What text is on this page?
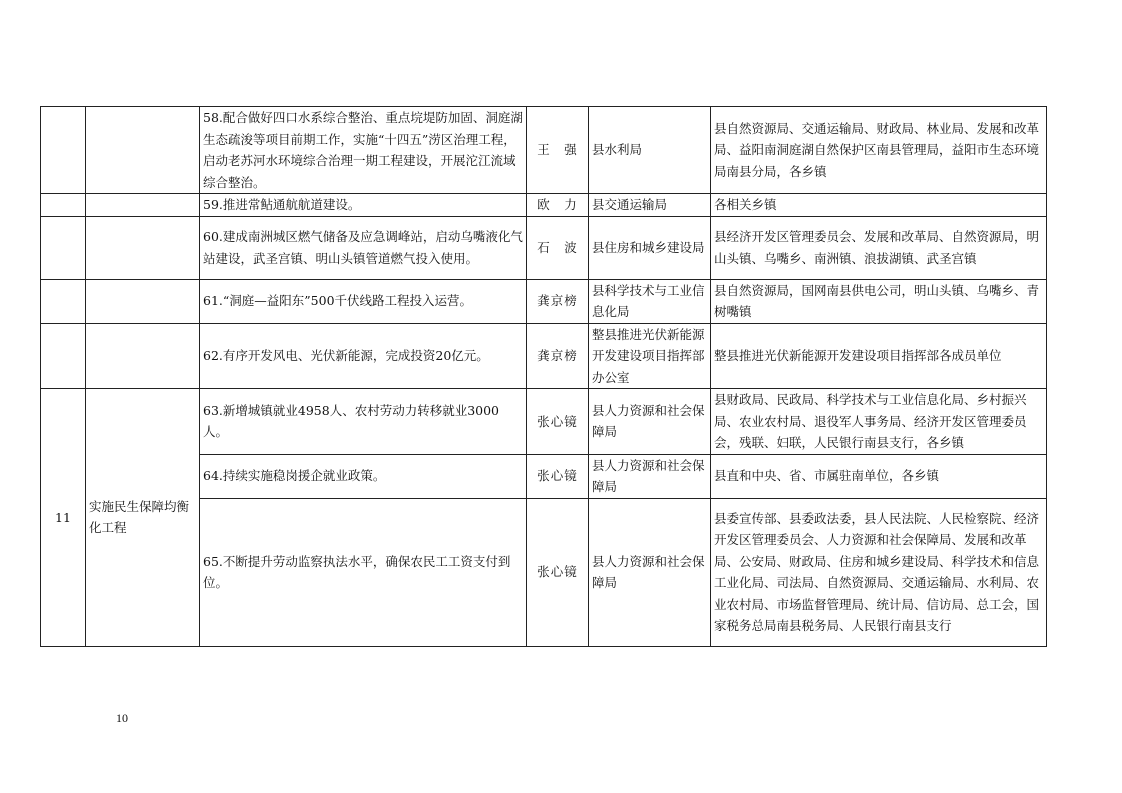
		58.配合做好四口水系综合整治、重点垸堤防加固、洞庭湖生态疏浚等项目前期工作，实施“十四五”涝区治理工程，启动老苏河水环境综合治理一期工程建设，开展沱江流域综合整治。	王　强	县水利局	县自然资源局、交通运输局、财政局、林业局、发展和改革局、益阳南洞庭湖自然保护区南县管理局，益阳市生态环境局南县分局，各乡镇
		59.推进常鲇通航航道建设。	欧　力	县交通运输局	各相关乡镇
		60.建成南洲城区燃气储备及应急调峰站，启动乌嘴液化气站建设，武圣宫镇、明山头镇管道燃气投入使用。	石　波	县住房和城乡建设局	县经济开发区管理委员会、发展和改革局、自然资源局，明山头镇、乌嘴乡、南洲镇、浪拔湖镇、武圣宫镇
		61.“洞庭—益阳东”500千伏线路工程投入运营。	龚京榜	县科学技术与工业信息化局	县自然资源局，国网南县供电公司，明山头镇、乌嘴乡、青树嘴镇
		62.有序开发风电、光伏新能源，完成投资20亿元。	龚京榜	整县推进光伏新能源开发建设项目指挥部办公室	整县推进光伏新能源开发建设项目指挥部各成员单位
11	实施民生保障均衡化工程	63.新增城镇就业4958人、农村劳动力转移就业3000人。	张心镜	县人力资源和社会保障局	县财政局、民政局、科学技术与工业信息化局、乡村振兴局、农业农村局、退役军人事务局、经济开发区管理委员会，残联、妇联，人民银行南县支行，各乡镇
		64.持续实施稳岗援企就业政策。	张心镜	县人力资源和社会保障局	县直和中央、省、市属驻南单位，各乡镇
		65.不断提升劳动监察执法水平，确保农民工工资支付到位。	张心镜	县人力资源和社会保障局	县委宣传部、县委政法委，县人民法院、人民检察院、经济开发区管理委员会、人力资源和社会保障局、发展和改革局、公安局、财政局、住房和城乡建设局、科学技术和信息工业化局、司法局、自然资源局、交通运输局、水利局、农业农村局、市场监督管理局、统计局、信访局、总工会，国家税务总局南县税务局、人民银行南县支行
10
